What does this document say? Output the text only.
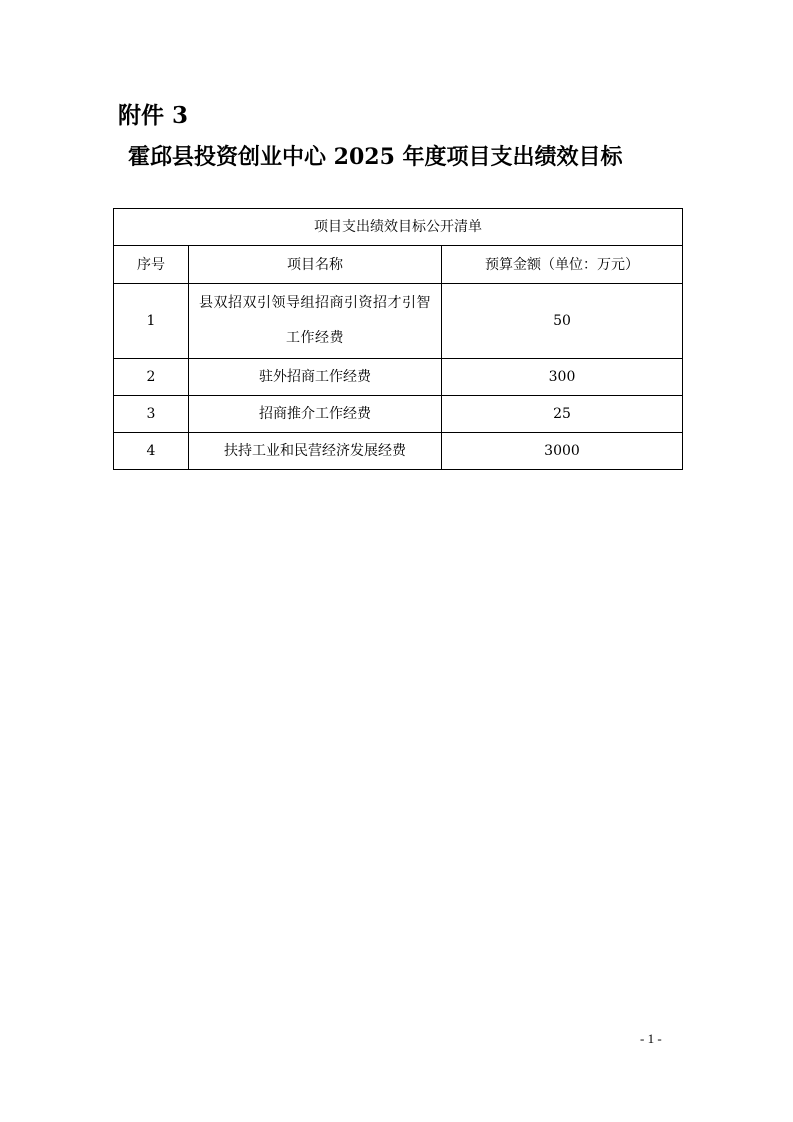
附件 3
霍邱县投资创业中心 2025 年度项目支出绩效目标
项目支出绩效目标公开清单		
序号	项目名称	预算金额（单位：万元）
1	县双招双引领导组招商引资招才引智工作经费	50
2	驻外招商工作经费	300
3	招商推介工作经费	25
4	扶持工业和民营经济发展经费	3000
- 1 -
